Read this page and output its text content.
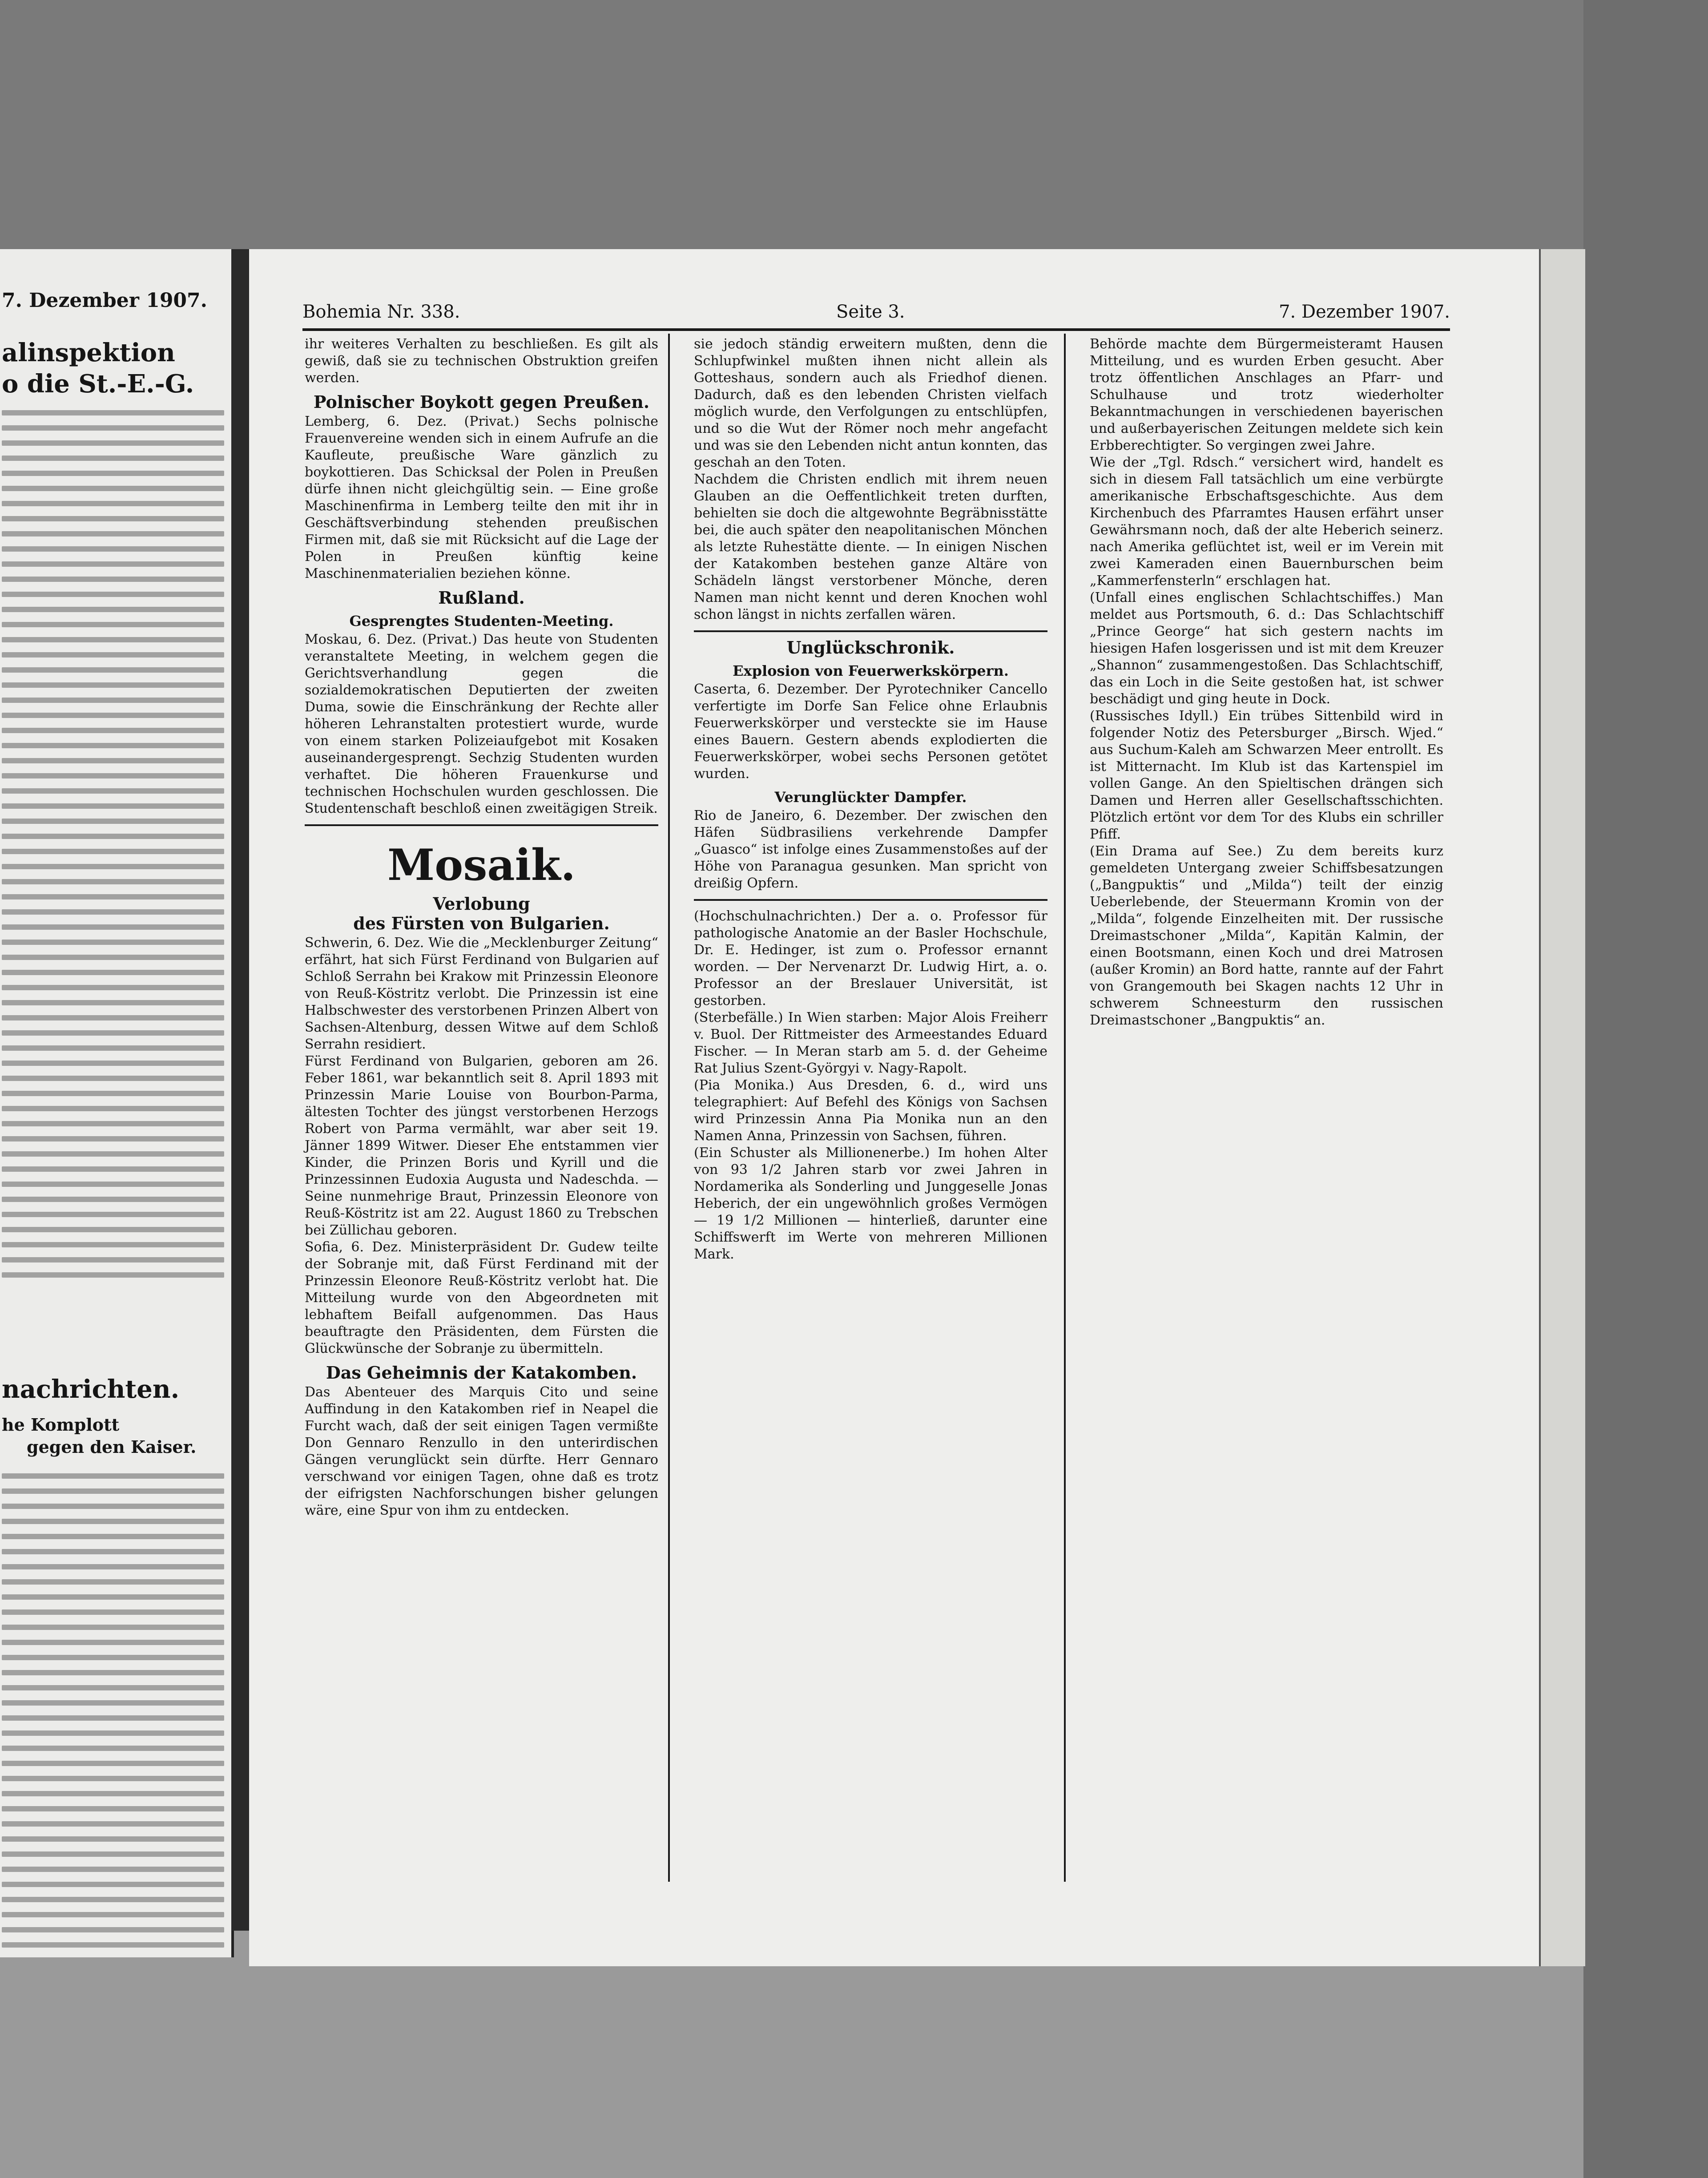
7. Dezember 1907.
alinspektion
o die St.-E.-G.
nachrichten.
he Komplott
gegen den Kaiser.
Bohemia Nr. 338.	Seite 3.	7. Dezember 1907.
ihr weiteres Verhalten zu beschließen. Es gilt als gewiß, daß sie zu technischen Obstruktion greifen werden.
Polnischer Boykott gegen Preußen.
Lemberg, 6. Dez. (Privat.) Sechs polnische Frauenvereine wenden sich in einem Aufrufe an die Kaufleute, preußische Ware gänzlich zu boykottieren. Das Schicksal der Polen in Preußen dürfe ihnen nicht gleichgültig sein. — Eine große Maschinenfirma in Lemberg teilte den mit ihr in Geschäftsverbindung stehenden preußischen Firmen mit, daß sie mit Rücksicht auf die Lage der Polen in Preußen künftig keine Maschinenmaterialien beziehen könne.
Rußland.
Gesprengtes Studenten-Meeting.
Moskau, 6. Dez. (Privat.) Das heute von Studenten veranstaltete Meeting, in welchem gegen die Gerichtsverhandlung gegen die sozialdemokratischen Deputierten der zweiten Duma, sowie die Einschränkung der Rechte aller höheren Lehranstalten protestiert wurde, wurde von einem starken Polizeiaufgebot mit Kosaken auseinandergesprengt. Sechzig Studenten wurden verhaftet. Die höheren Frauenkurse und technischen Hochschulen wurden geschlossen. Die Studentenschaft beschloß einen zweitägigen Streik.
Mosaik.
Verlobung
des Fürsten von Bulgarien.
Schwerin, 6. Dez. Wie die „Mecklenburger Zeitung“ erfährt, hat sich Fürst Ferdinand von Bulgarien auf Schloß Serrahn bei Krakow mit Prinzessin Eleonore von Reuß-Köstritz verlobt. Die Prinzessin ist eine Halbschwester des verstorbenen Prinzen Albert von Sachsen-Altenburg, dessen Witwe auf dem Schloß Serrahn residiert.
Fürst Ferdinand von Bulgarien, geboren am 26. Feber 1861, war bekanntlich seit 8. April 1893 mit Prinzessin Marie Louise von Bourbon-Parma, ältesten Tochter des jüngst verstorbenen Herzogs Robert von Parma vermählt, war aber seit 19. Jänner 1899 Witwer. Dieser Ehe entstammen vier Kinder, die Prinzen Boris und Kyrill und die Prinzessinnen Eudoxia Augusta und Nadeschda. — Seine nunmehrige Braut, Prinzessin Eleonore von Reuß-Köstritz ist am 22. August 1860 zu Trebschen bei Züllichau geboren.
Sofia, 6. Dez. Ministerpräsident Dr. Gudew teilte der Sobranje mit, daß Fürst Ferdinand mit der Prinzessin Eleonore Reuß-Köstritz verlobt hat. Die Mitteilung wurde von den Abgeordneten mit lebhaftem Beifall aufgenommen. Das Haus beauftragte den Präsidenten, dem Fürsten die Glückwünsche der Sobranje zu übermitteln.
Das Geheimnis der Katakomben.
Das Abenteuer des Marquis Cito und seine Auffindung in den Katakomben rief in Neapel die Furcht wach, daß der seit einigen Tagen vermißte Don Gennaro Renzullo in den unterirdischen Gängen verunglückt sein dürfte. Herr Gennaro verschwand vor einigen Tagen, ohne daß es trotz der eifrigsten Nachforschungen bisher gelungen wäre, eine Spur von ihm zu entdecken.
sie jedoch ständig erweitern mußten, denn die Schlupfwinkel mußten ihnen nicht allein als Gotteshaus, sondern auch als Friedhof dienen. Dadurch, daß es den lebenden Christen vielfach möglich wurde, den Verfolgungen zu entschlüpfen, und so die Wut der Römer noch mehr angefacht und was sie den Lebenden nicht antun konnten, das geschah an den Toten.
Nachdem die Christen endlich mit ihrem neuen Glauben an die Oeffentlichkeit treten durften, behielten sie doch die altgewohnte Begräbnisstätte bei, die auch später den neapolitanischen Mönchen als letzte Ruhestätte diente. — In einigen Nischen der Katakomben bestehen ganze Altäre von Schädeln längst verstorbener Mönche, deren Namen man nicht kennt und deren Knochen wohl schon längst in nichts zerfallen wären.
Unglückschronik.
Explosion von Feuerwerkskörpern.
Caserta, 6. Dezember. Der Pyrotechniker Cancello verfertigte im Dorfe San Felice ohne Erlaubnis Feuerwerkskörper und versteckte sie im Hause eines Bauern. Gestern abends explodierten die Feuerwerkskörper, wobei sechs Personen getötet wurden.
Verunglückter Dampfer.
Rio de Janeiro, 6. Dezember. Der zwischen den Häfen Südbrasiliens verkehrende Dampfer „Guasco“ ist infolge eines Zusammenstoßes auf der Höhe von Paranagua gesunken. Man spricht von dreißig Opfern.
(Hochschulnachrichten.) Der a. o. Professor für pathologische Anatomie an der Basler Hochschule, Dr. E. Hedinger, ist zum o. Professor ernannt worden. — Der Nervenarzt Dr. Ludwig Hirt, a. o. Professor an der Breslauer Universität, ist gestorben.
(Sterbefälle.) In Wien starben: Major Alois Freiherr v. Buol. Der Rittmeister des Armeestandes Eduard Fischer. — In Meran starb am 5. d. der Geheime Rat Julius Szent-Györgyi v. Nagy-Rapolt.
(Pia Monika.) Aus Dresden, 6. d., wird uns telegraphiert: Auf Befehl des Königs von Sachsen wird Prinzessin Anna Pia Monika nun an den Namen Anna, Prinzessin von Sachsen, führen.
(Ein Schuster als Millionenerbe.) Im hohen Alter von 93 1/2 Jahren starb vor zwei Jahren in Nordamerika als Sonderling und Junggeselle Jonas Heberich, der ein ungewöhnlich großes Vermögen — 19 1/2 Millionen — hinterließ, darunter eine Schiffswerft im Werte von mehreren Millionen Mark.
Behörde machte dem Bürgermeisteramt Hausen Mitteilung, und es wurden Erben gesucht. Aber trotz öffentlichen Anschlages an Pfarr- und Schulhause und trotz wiederholter Bekanntmachungen in verschiedenen bayerischen und außerbayerischen Zeitungen meldete sich kein Erbberechtigter. So vergingen zwei Jahre.
Wie der „Tgl. Rdsch.“ versichert wird, handelt es sich in diesem Fall tatsächlich um eine verbürgte amerikanische Erbschaftsgeschichte. Aus dem Kirchenbuch des Pfarramtes Hausen erfährt unser Gewährsmann noch, daß der alte Heberich seinerz. nach Amerika geflüchtet ist, weil er im Verein mit zwei Kameraden einen Bauernburschen beim „Kammerfensterln“ erschlagen hat.
(Unfall eines englischen Schlachtschiffes.) Man meldet aus Portsmouth, 6. d.: Das Schlachtschiff „Prince George“ hat sich gestern nachts im hiesigen Hafen losgerissen und ist mit dem Kreuzer „Shannon“ zusammengestoßen. Das Schlachtschiff, das ein Loch in die Seite gestoßen hat, ist schwer beschädigt und ging heute in Dock.
(Russisches Idyll.) Ein trübes Sittenbild wird in folgender Notiz des Petersburger „Birsch. Wjed.“ aus Suchum-Kaleh am Schwarzen Meer entrollt. Es ist Mitternacht. Im Klub ist das Kartenspiel im vollen Gange. An den Spieltischen drängen sich Damen und Herren aller Gesellschaftsschichten. Plötzlich ertönt vor dem Tor des Klubs ein schriller Pfiff.
(Ein Drama auf See.) Zu dem bereits kurz gemeldeten Untergang zweier Schiffsbesatzungen („Bangpuktis“ und „Milda“) teilt der einzig Ueberlebende, der Steuermann Kromin von der „Milda“, folgende Einzelheiten mit. Der russische Dreimastschoner „Milda“, Kapitän Kalmin, der einen Bootsmann, einen Koch und drei Matrosen (außer Kromin) an Bord hatte, rannte auf der Fahrt von Grangemouth bei Skagen nachts 12 Uhr in schwerem Schneesturm den russischen Dreimastschoner „Bangpuktis“ an.
